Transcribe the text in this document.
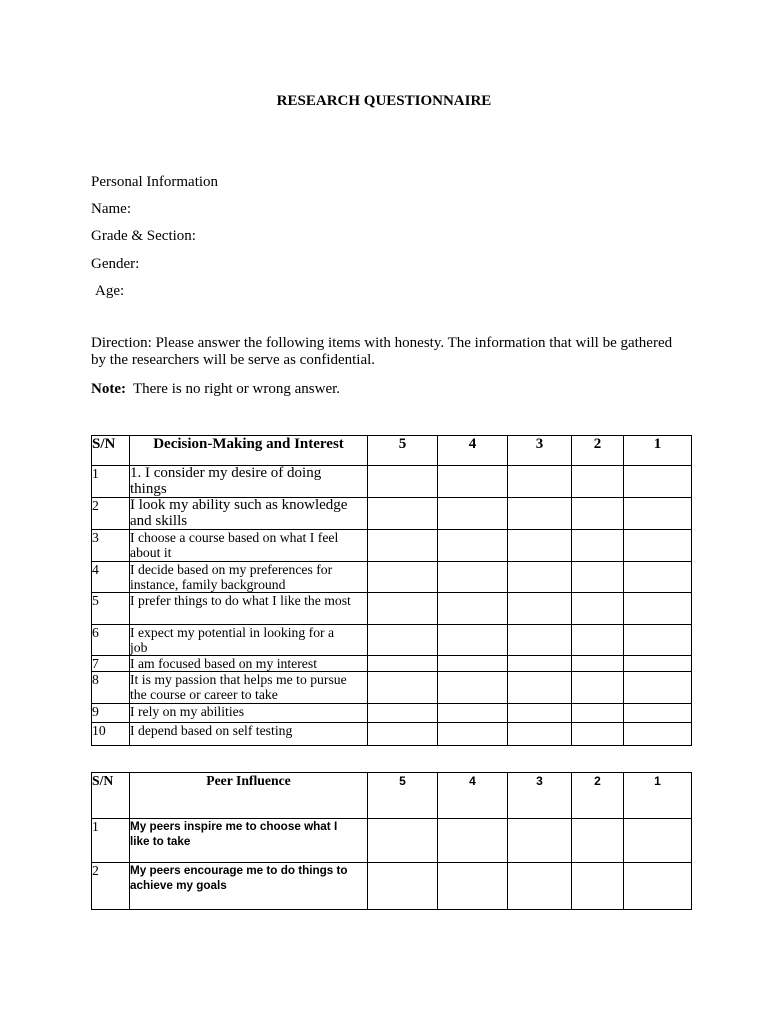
RESEARCH QUESTIONNAIRE
Personal Information
Name:
Grade & Section:
Gender:
Age:
Direction: Please answer the following items with honesty. The information that will be gathered by the researchers will be serve as confidential.
Note: There is no right or wrong answer.
S/N	Decision-Making and Interest	5	4	3	2	1
1	1. I consider my desire of doing things					

2	I look my ability such as knowledge and skills					

3	I choose a course based on what I feel about it					

4	I decide based on my preferences for instance, family background					

5	I prefer things to do what I like the most					

6	I expect my potential in looking for a job					

7	I am focused based on my interest					

8	It is my passion that helps me to pursue the course or career to take					

9	I rely on my abilities					

10	I depend based on self testing					

S/N	Peer Influence	5	4	3	2	1
1	My peers inspire me to choose what I like to take					

2	My peers encourage me to do things to achieve my goals					
